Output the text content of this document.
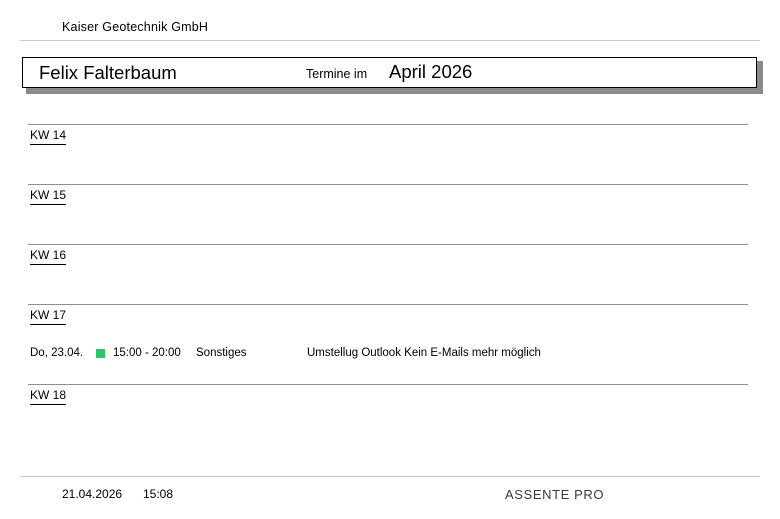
Kaiser Geotechnik GmbH
Felix Falterbaum	Termine im April 2026
KW 14
KW 15
KW 16
KW 17
Do, 23.04.	15:00 - 20:00 Sonstiges	Umstellug Outlook Kein E-Mails mehr möglich
KW 18
21.04.2026 15:08	ASSENTE PRO
